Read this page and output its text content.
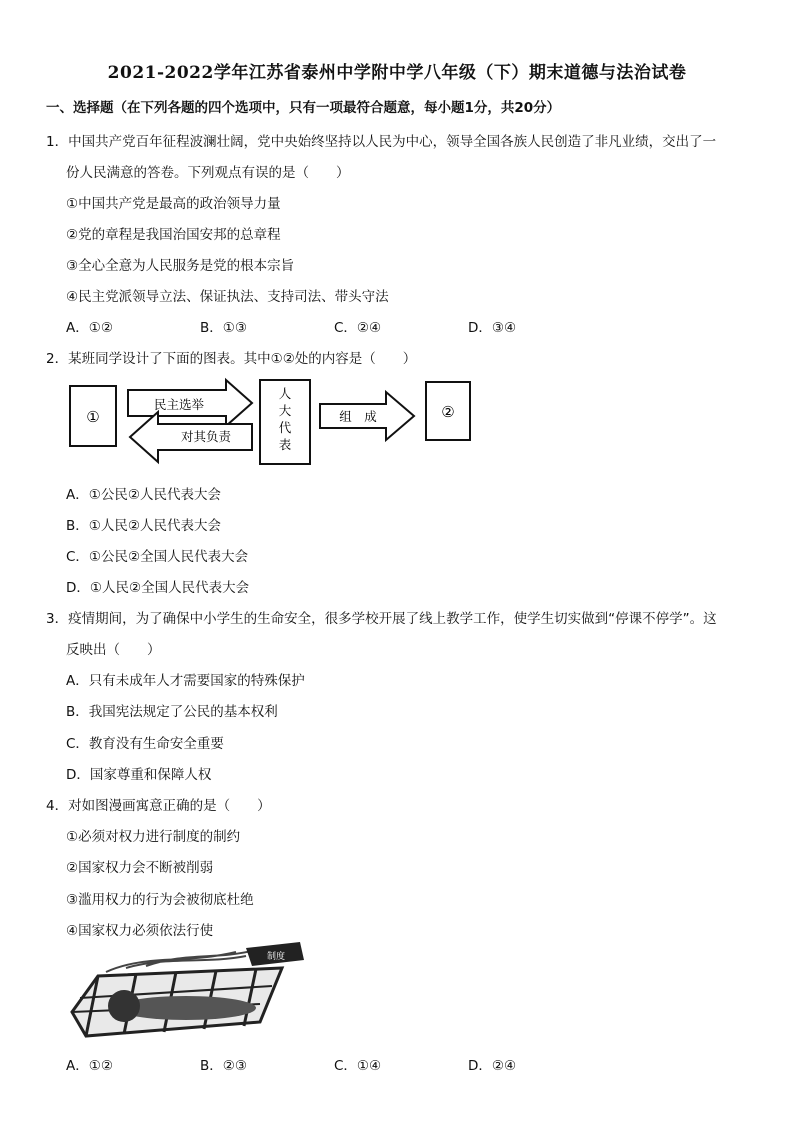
2021-2022学年江苏省泰州中学附中学八年级（下）期末道德与法治试卷
一、选择题（在下列各题的四个选项中，只有一项最符合题意，每小题1分，共20分）
1．中国共产党百年征程波澜壮阔，党中央始终坚持以人民为中心，领导全国各族人民创造了非凡业绩，交出了一
份人民满意的答卷。下列观点有误的是（　　）
①中国共产党是最高的政治领导力量
②党的章程是我国治国安邦的总章程
③全心全意为人民服务是党的根本宗旨
④民主党派领导立法、保证执法、支持司法、带头守法
A．①②	B．①③	C．②④	D．③④
2．某班同学设计了下面的图表。其中①②处的内容是（　　）
①
民主选举
对其负责
人
大
代
表
组　成	②
A．①公民②人民代表大会
B．①人民②人民代表大会
C．①公民②全国人民代表大会
D．①人民②全国人民代表大会
3．疫情期间，为了确保中小学生的生命安全，很多学校开展了线上教学工作，使学生切实做到“停课不停学”。这
反映出（　　）
A．只有未成年人才需要国家的特殊保护
B．我国宪法规定了公民的基本权利
C．教育没有生命安全重要
D．国家尊重和保障人权
4．对如图漫画寓意正确的是（　　）
①必须对权力进行制度的制约
②国家权力会不断被削弱
③滥用权力的行为会被彻底杜绝
④国家权力必须依法行使
制度
A．①②	B．②③	C．①④	D．②④
